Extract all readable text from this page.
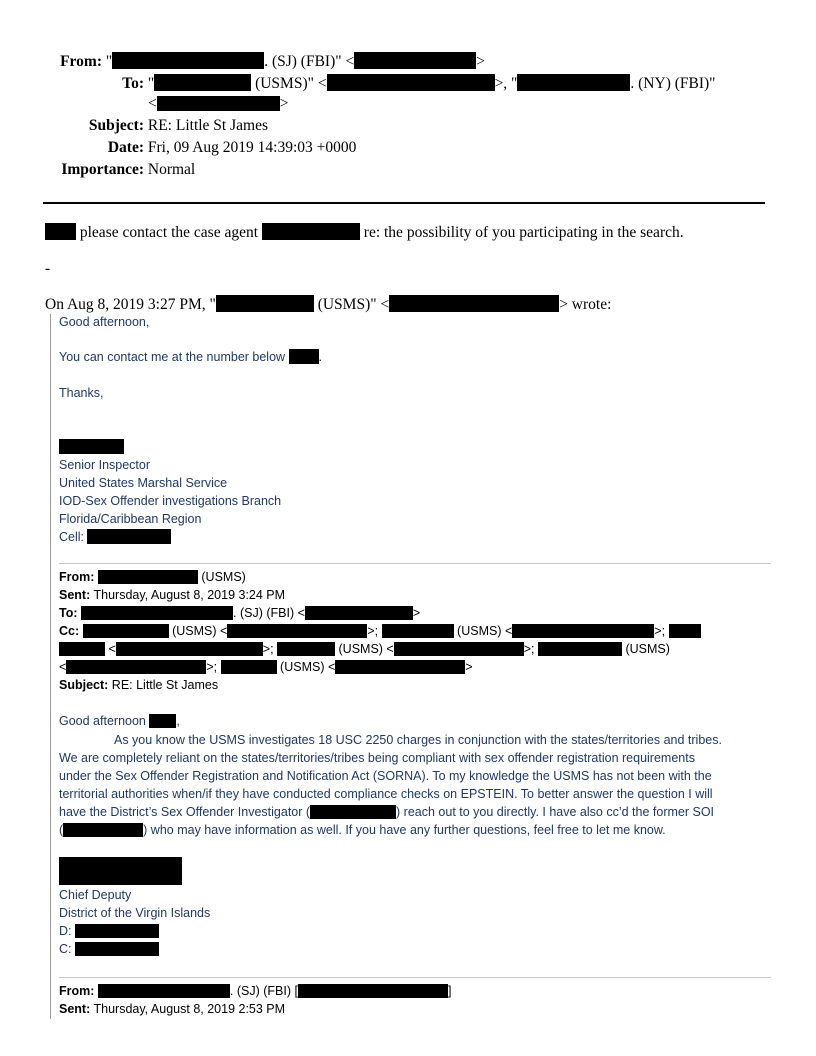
From: "	. (SJ) (FBI)" <	>
To: "	(USMS)" <	>, "	. (NY) (FBI)"
<	>
Subject: RE: Little St James
Date: Fri, 09 Aug 2019 14:39:03 +0000
Importance: Normal
please contact the case agent	re: the possibility of you participating in the search.
-
On Aug 8, 2019 3:27 PM, "	(USMS)" <	> wrote:
Good afternoon,
You can contact me at the number below .
Thanks,
Senior Inspector
United States Marshal Service
IOD-Sex Offender investigations Branch
Florida/Caribbean Region
Cell:
From:	(USMS)
Sent: Thursday, August 8, 2019 3:24 PM
To:	. (SJ) (FBI) <	>
Cc:	(USMS) <	>;	(USMS) <	>;
<	>;	(USMS) <	>;	(USMS)
<	>;	(USMS) <	>
Subject: RE: Little St James
Good afternoon ,
As you know the USMS investigates 18 USC 2250 charges in conjunction with the states/territories and tribes.
We are completely reliant on the states/territories/tribes being compliant with sex offender registration requirements
under the Sex Offender Registration and Notification Act (SORNA). To my knowledge the USMS has not been with the
territorial authorities when/if they have conducted compliance checks on EPSTEIN. To better answer the question I will
have the District’s Sex Offender Investigator (	) reach out to you directly. I have also cc’d the former SOI
(	) who may have information as well. If you have any further questions, feel free to let me know.
Chief Deputy
District of the Virgin Islands
D:
C:
From:	. (SJ) (FBI) [	]
Sent: Thursday, August 8, 2019 2:53 PM
